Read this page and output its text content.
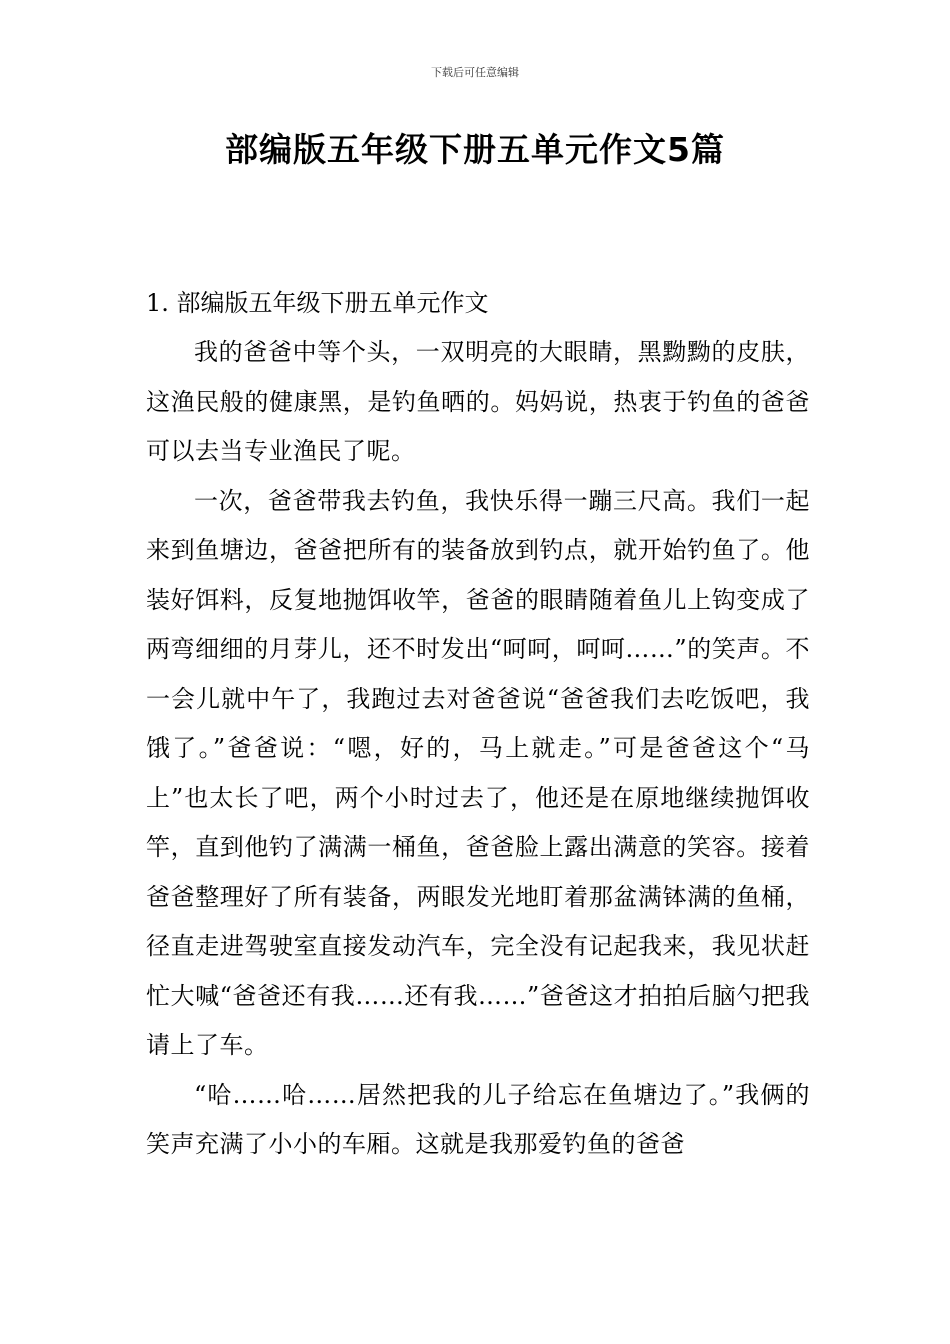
下载后可任意编辑
部编版五年级下册五单元作文5篇

1. 部编版五年级下册五单元作文

我的爸爸中等个头，一双明亮的大眼睛，黑黝黝的皮肤，这渔民般的健康黑，是钓鱼晒的。妈妈说，热衷于钓鱼的爸爸可以去当专业渔民了呢。

一次，爸爸带我去钓鱼，我快乐得一蹦三尺高。我们一起来到鱼塘边，爸爸把所有的装备放到钓点，就开始钓鱼了。他装好饵料，反复地抛饵收竿，爸爸的眼睛随着鱼儿上钩变成了两弯细细的月芽儿，还不时发出“呵呵，呵呵……”的笑声。不一会儿就中午了，我跑过去对爸爸说“爸爸我们去吃饭吧，我饿了。”爸爸说：“嗯，好的，马上就走。”可是爸爸这个“马上”也太长了吧，两个小时过去了，他还是在原地继续抛饵收竿，直到他钓了满满一桶鱼，爸爸脸上露出满意的笑容。接着爸爸整理好了所有装备，两眼发光地盯着那盆满钵满的鱼桶，径直走进驾驶室直接发动汽车，完全没有记起我来，我见状赶忙大喊“爸爸还有我……还有我……”爸爸这才拍拍后脑勺把我请上了车。

“哈……哈……居然把我的儿子给忘在鱼塘边了。”我俩的笑声充满了小小的车厢。这就是我那爱钓鱼的爸爸
